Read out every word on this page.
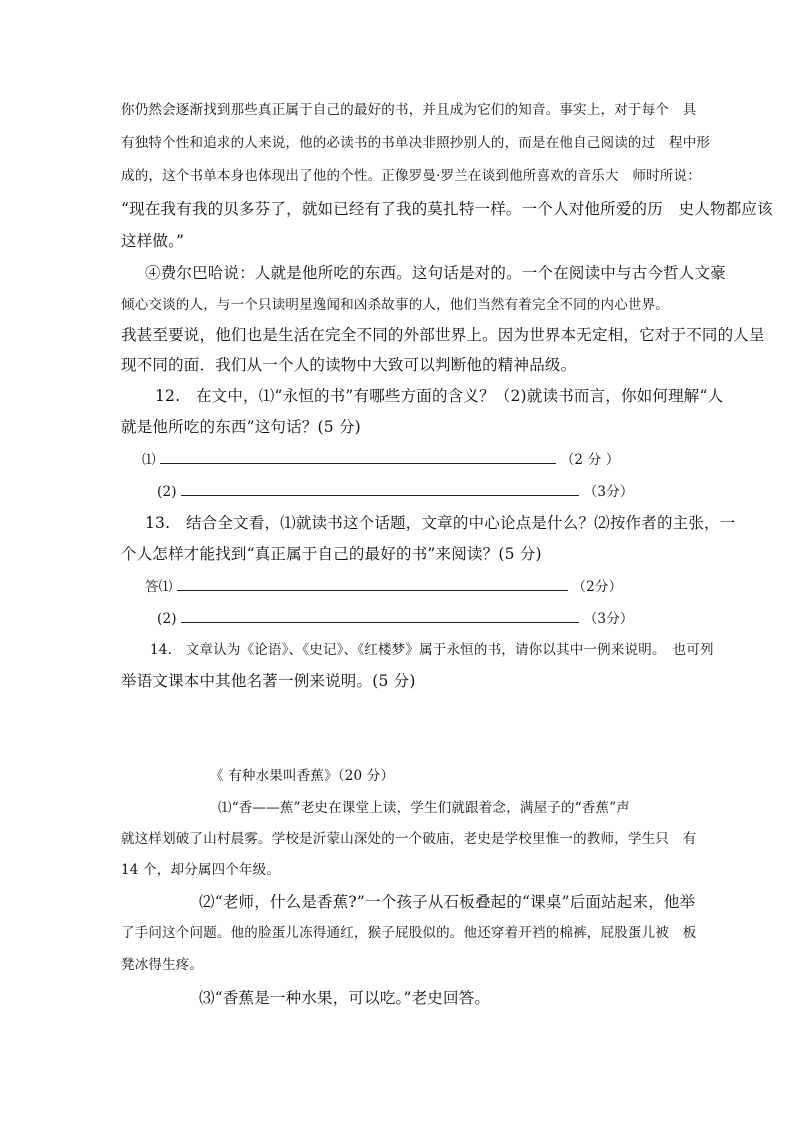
你仍然会逐渐找到那些真正属于自己的最好的书，并且成为它们的知音。事实上，对于每个　具
有独特个性和追求的人来说，他的必读书的书单决非照抄别人的，而是在他自己阅读的过　程中形
成的，这个书单本身也体现出了他的个性。正像罗曼·罗兰在谈到他所喜欢的音乐大　师时所说：
“现在我有我的贝多芬了，就如已经有了我的莫扎特一样。一个人对他所爱的历　史人物都应该
这样做。”
④费尔巴哈说：人就是他所吃的东西。这句话是对的。一个在阅读中与古今哲人文豪
倾心交谈的人，与一个只读明星逸闻和凶杀故事的人，他们当然有着完全不同的内心世界。
我甚至要说，他们也是生活在完全不同的外部世界上。因为世界本无定相，它对于不同的人呈
现不同的面．我们从一个人的读物中大致可以判断他的精神品级。
12.　在文中，⑴“永恒的书”有哪些方面的含义？（2)就读书而言，你如何理解“人
就是他所吃的东西”这句话？(5 分)
⑴	（2 分 ）
(2)	（3分）
13.　结合全文看，⑴就读书这个话题，文章的中心论点是什么？⑵按作者的主张，一
个人怎样才能找到“真正属于自己的最好的书”来阅读？(5 分)
答⑴	（2分）
(2)	（3分）
14.　文章认为《论语》、《史记》、《红楼梦》属于永恒的书，请你以其中一例来说明。　也可列
举语文课本中其他名著一例来说明。(5 分)
《 有种水果叫香蕉》（20 分）
⑴“香——蕉”老史在课堂上读，学生们就跟着念，满屋子的“香蕉”声
就这样划破了山村晨雾。学校是沂蒙山深处的一个破庙，老史是学校里惟一的教师，学生只　有
14 个，却分属四个年级。
⑵“老师，什么是香蕉?”一个孩子从石板叠起的“课桌”后面站起来，他举
了手问这个问题。他的脸蛋儿冻得通红，猴子屁股似的。他还穿着开裆的棉裤，屁股蛋儿被　板
凳冰得生疼。
⑶“香蕉是一种水果，可以吃。”老史回答。
